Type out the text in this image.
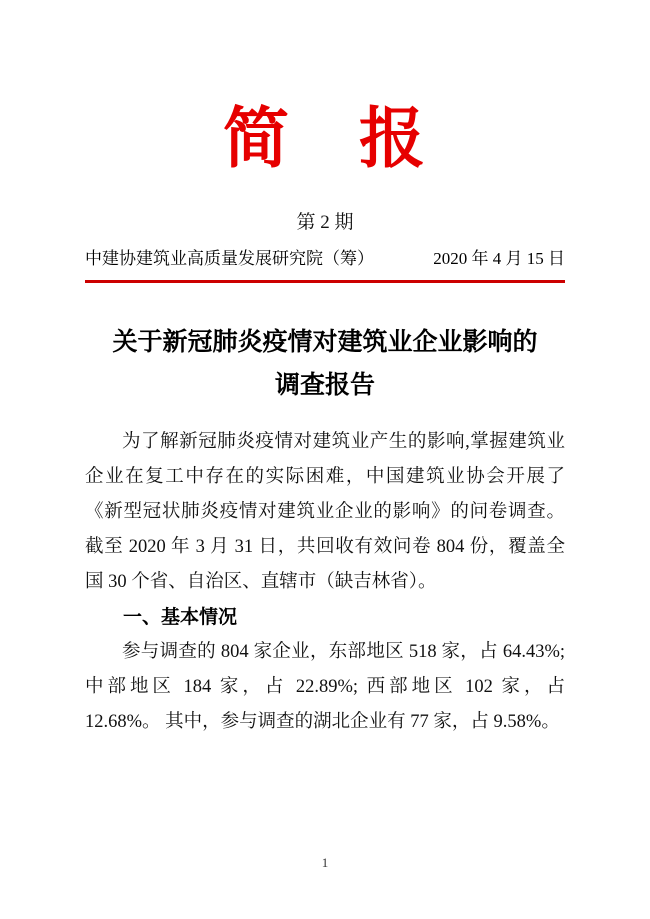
简　报
第 2 期
中建协建筑业高质量发展研究院（筹）	2020 年 4 月 15 日
关于新冠肺炎疫情对建筑业企业影响的
调查报告

为了解新冠肺炎疫情对建筑业产生的影响,掌握建筑业企业在复工中存在的实际困难，中国建筑业协会开展了《新型冠状肺炎疫情对建筑业企业的影响》的问卷调查。截至 2020 年 3 月 31 日，共回收有效问卷 804 份，覆盖全国 30 个省、自治区、直辖市（缺吉林省）。

一、基本情况

参与调查的 804 家企业，东部地区 518 家，占 64.43%; 中部地区 184 家，占 22.89%; 西部地区 102 家，占 12.68%。 其中，参与调查的湖北企业有 77 家，占 9.58%。

1
